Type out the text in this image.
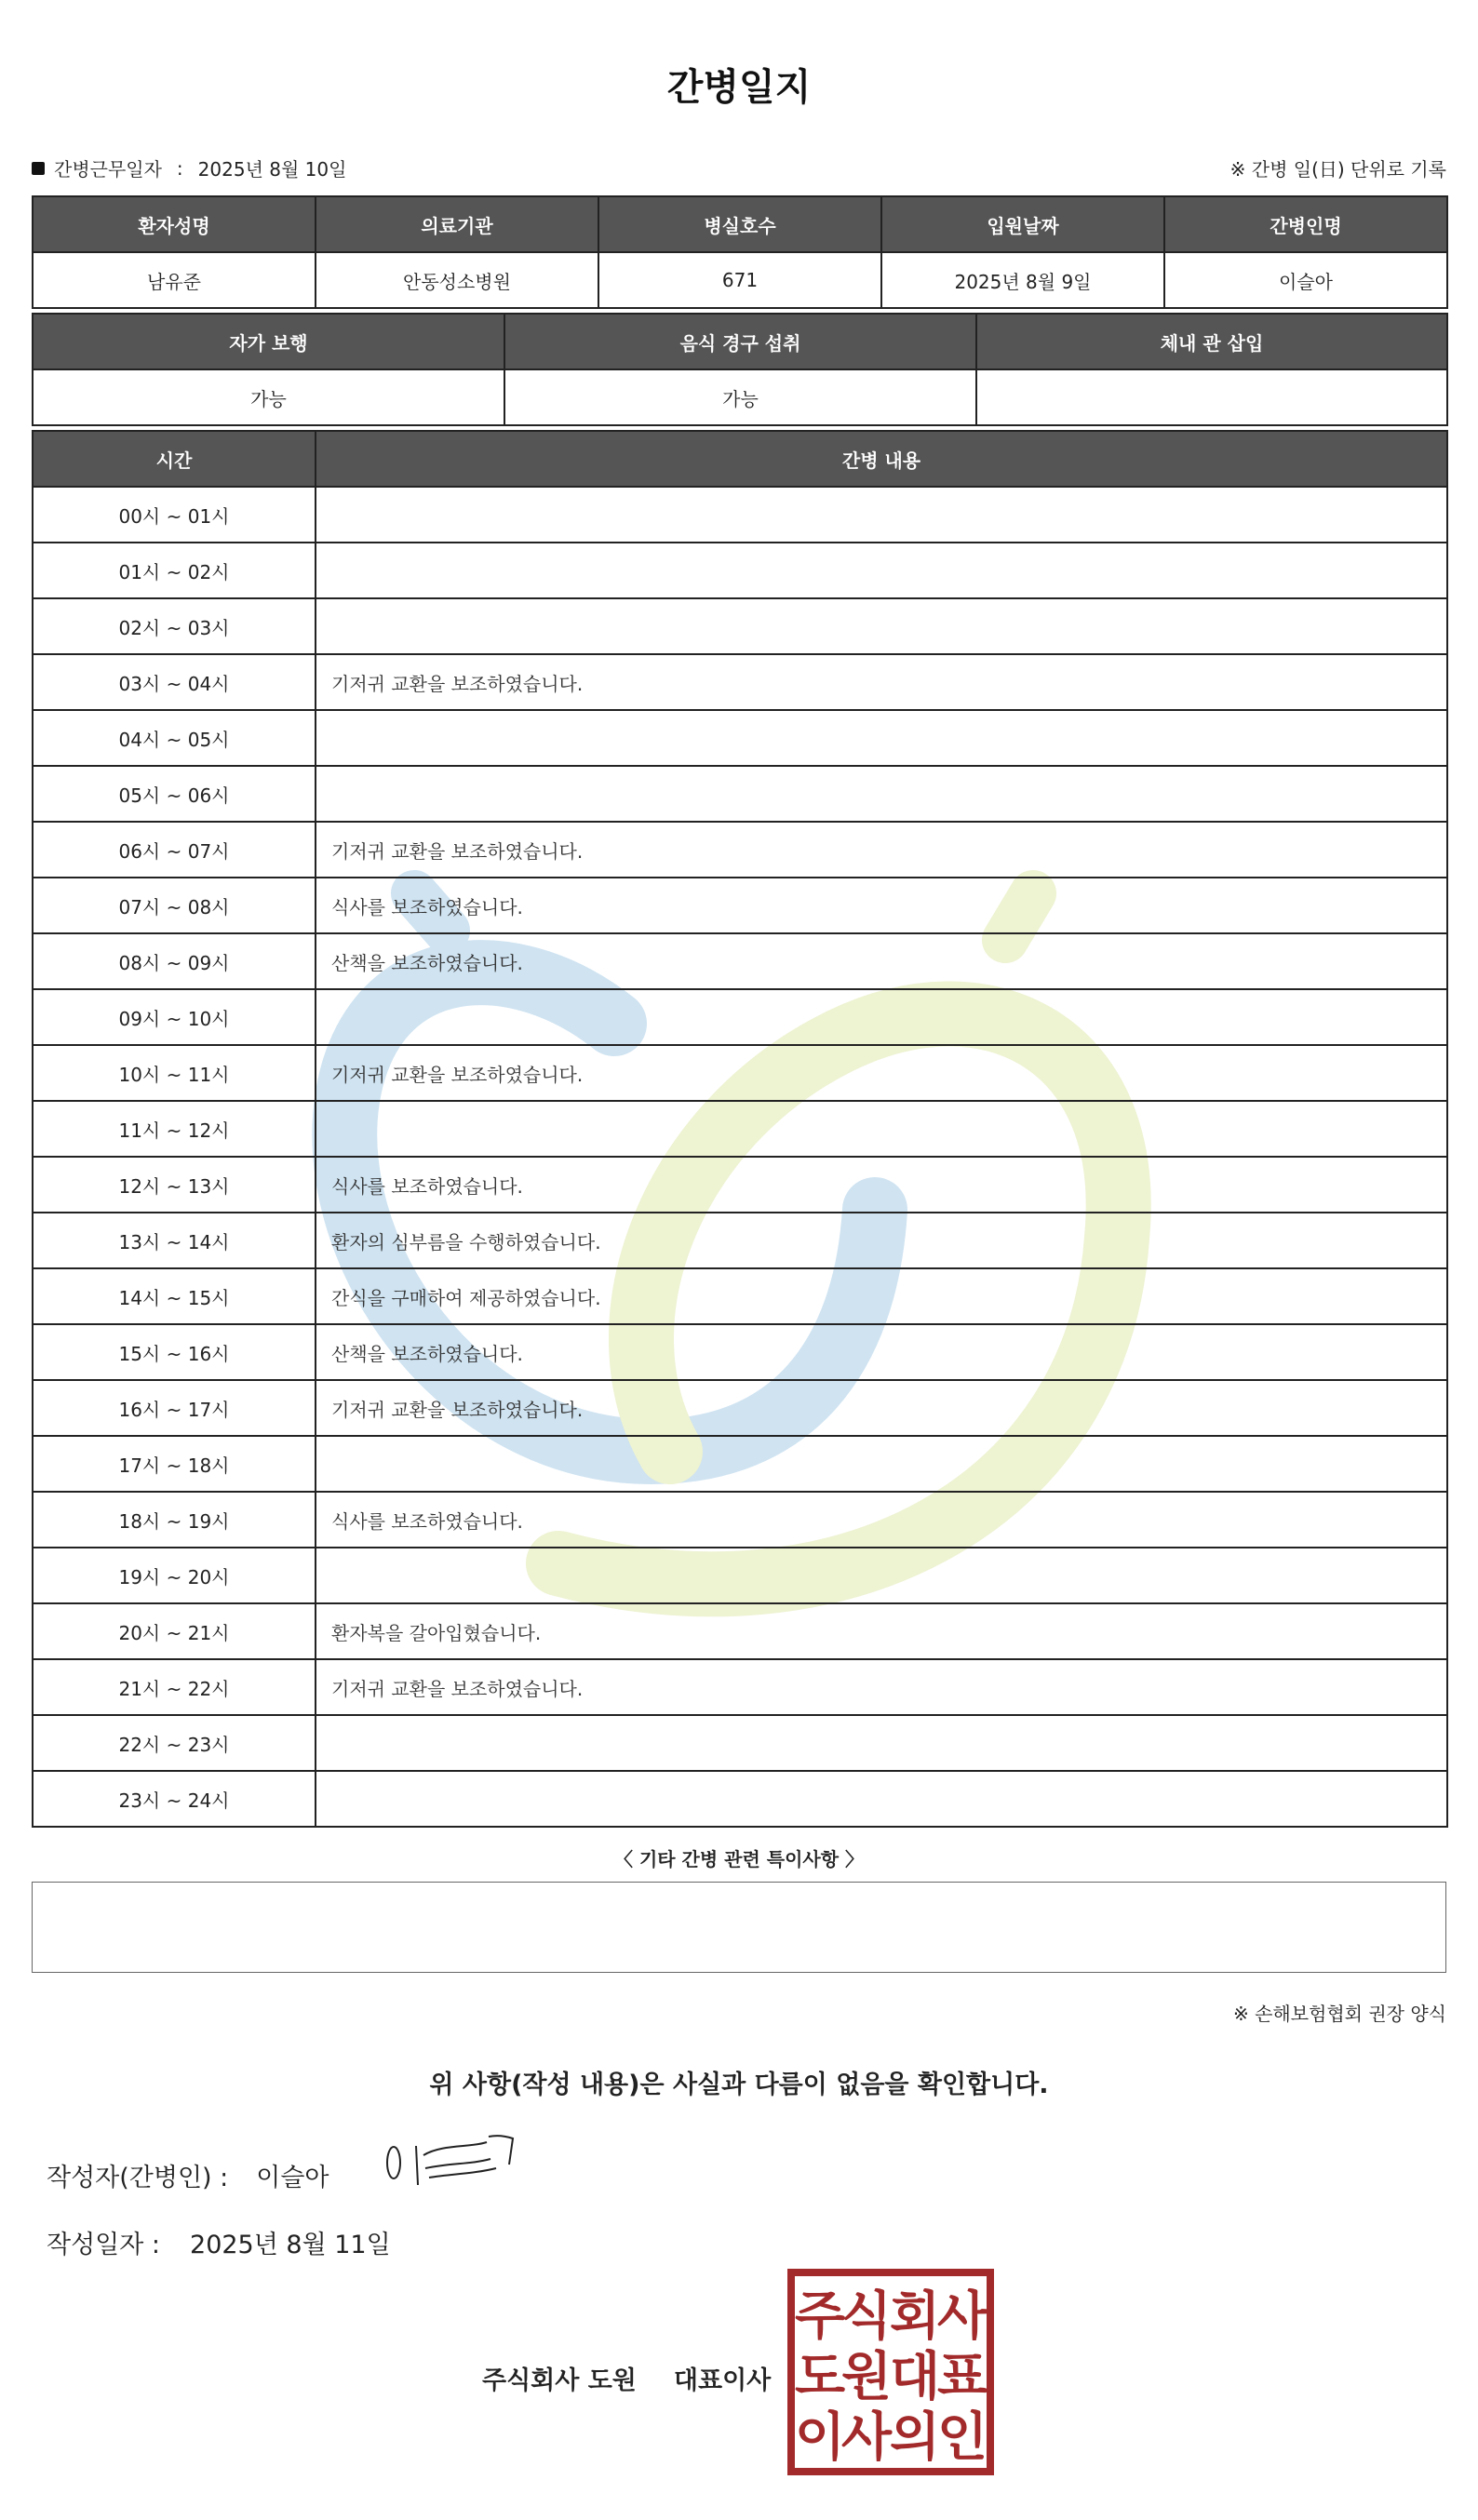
간병일지
간병근무일자 : 2025년 8월 10일	※ 간병 일(日) 단위로 기록
환자성명	의료기관	병실호수	입원날짜	간병인명
남유준	안동성소병원	671	2025년 8월 9일	이슬아
자가 보행	음식 경구 섭취	체내 관 삽입
가능	가능	
시간	간병 내용
00시 ~ 01시	
01시 ~ 02시	
02시 ~ 03시	
03시 ~ 04시	기저귀 교환을 보조하였습니다.
04시 ~ 05시	
05시 ~ 06시	
06시 ~ 07시	기저귀 교환을 보조하였습니다.
07시 ~ 08시	식사를 보조하였습니다.
08시 ~ 09시	산책을 보조하였습니다.
09시 ~ 10시	
10시 ~ 11시	기저귀 교환을 보조하였습니다.
11시 ~ 12시	
12시 ~ 13시	식사를 보조하였습니다.
13시 ~ 14시	환자의 심부름을 수행하였습니다.
14시 ~ 15시	간식을 구매하여 제공하였습니다.
15시 ~ 16시	산책을 보조하였습니다.
16시 ~ 17시	기저귀 교환을 보조하였습니다.
17시 ~ 18시	
18시 ~ 19시	식사를 보조하였습니다.
19시 ~ 20시	
20시 ~ 21시	환자복을 갈아입혔습니다.
21시 ~ 22시	기저귀 교환을 보조하였습니다.
22시 ~ 23시	
23시 ~ 24시	
〈 기타 간병 관련 특이사항 〉
※ 손해보험협회 권장 양식
위 사항(작성 내용)은 사실과 다름이 없음을 확인합니다.
작성자(간병인) : 이슬아
작성일자 : 2025년 8월 11일
주식회사 도원 대표이사
주
식
회
사
도
원
대
표
이
사
의
인
